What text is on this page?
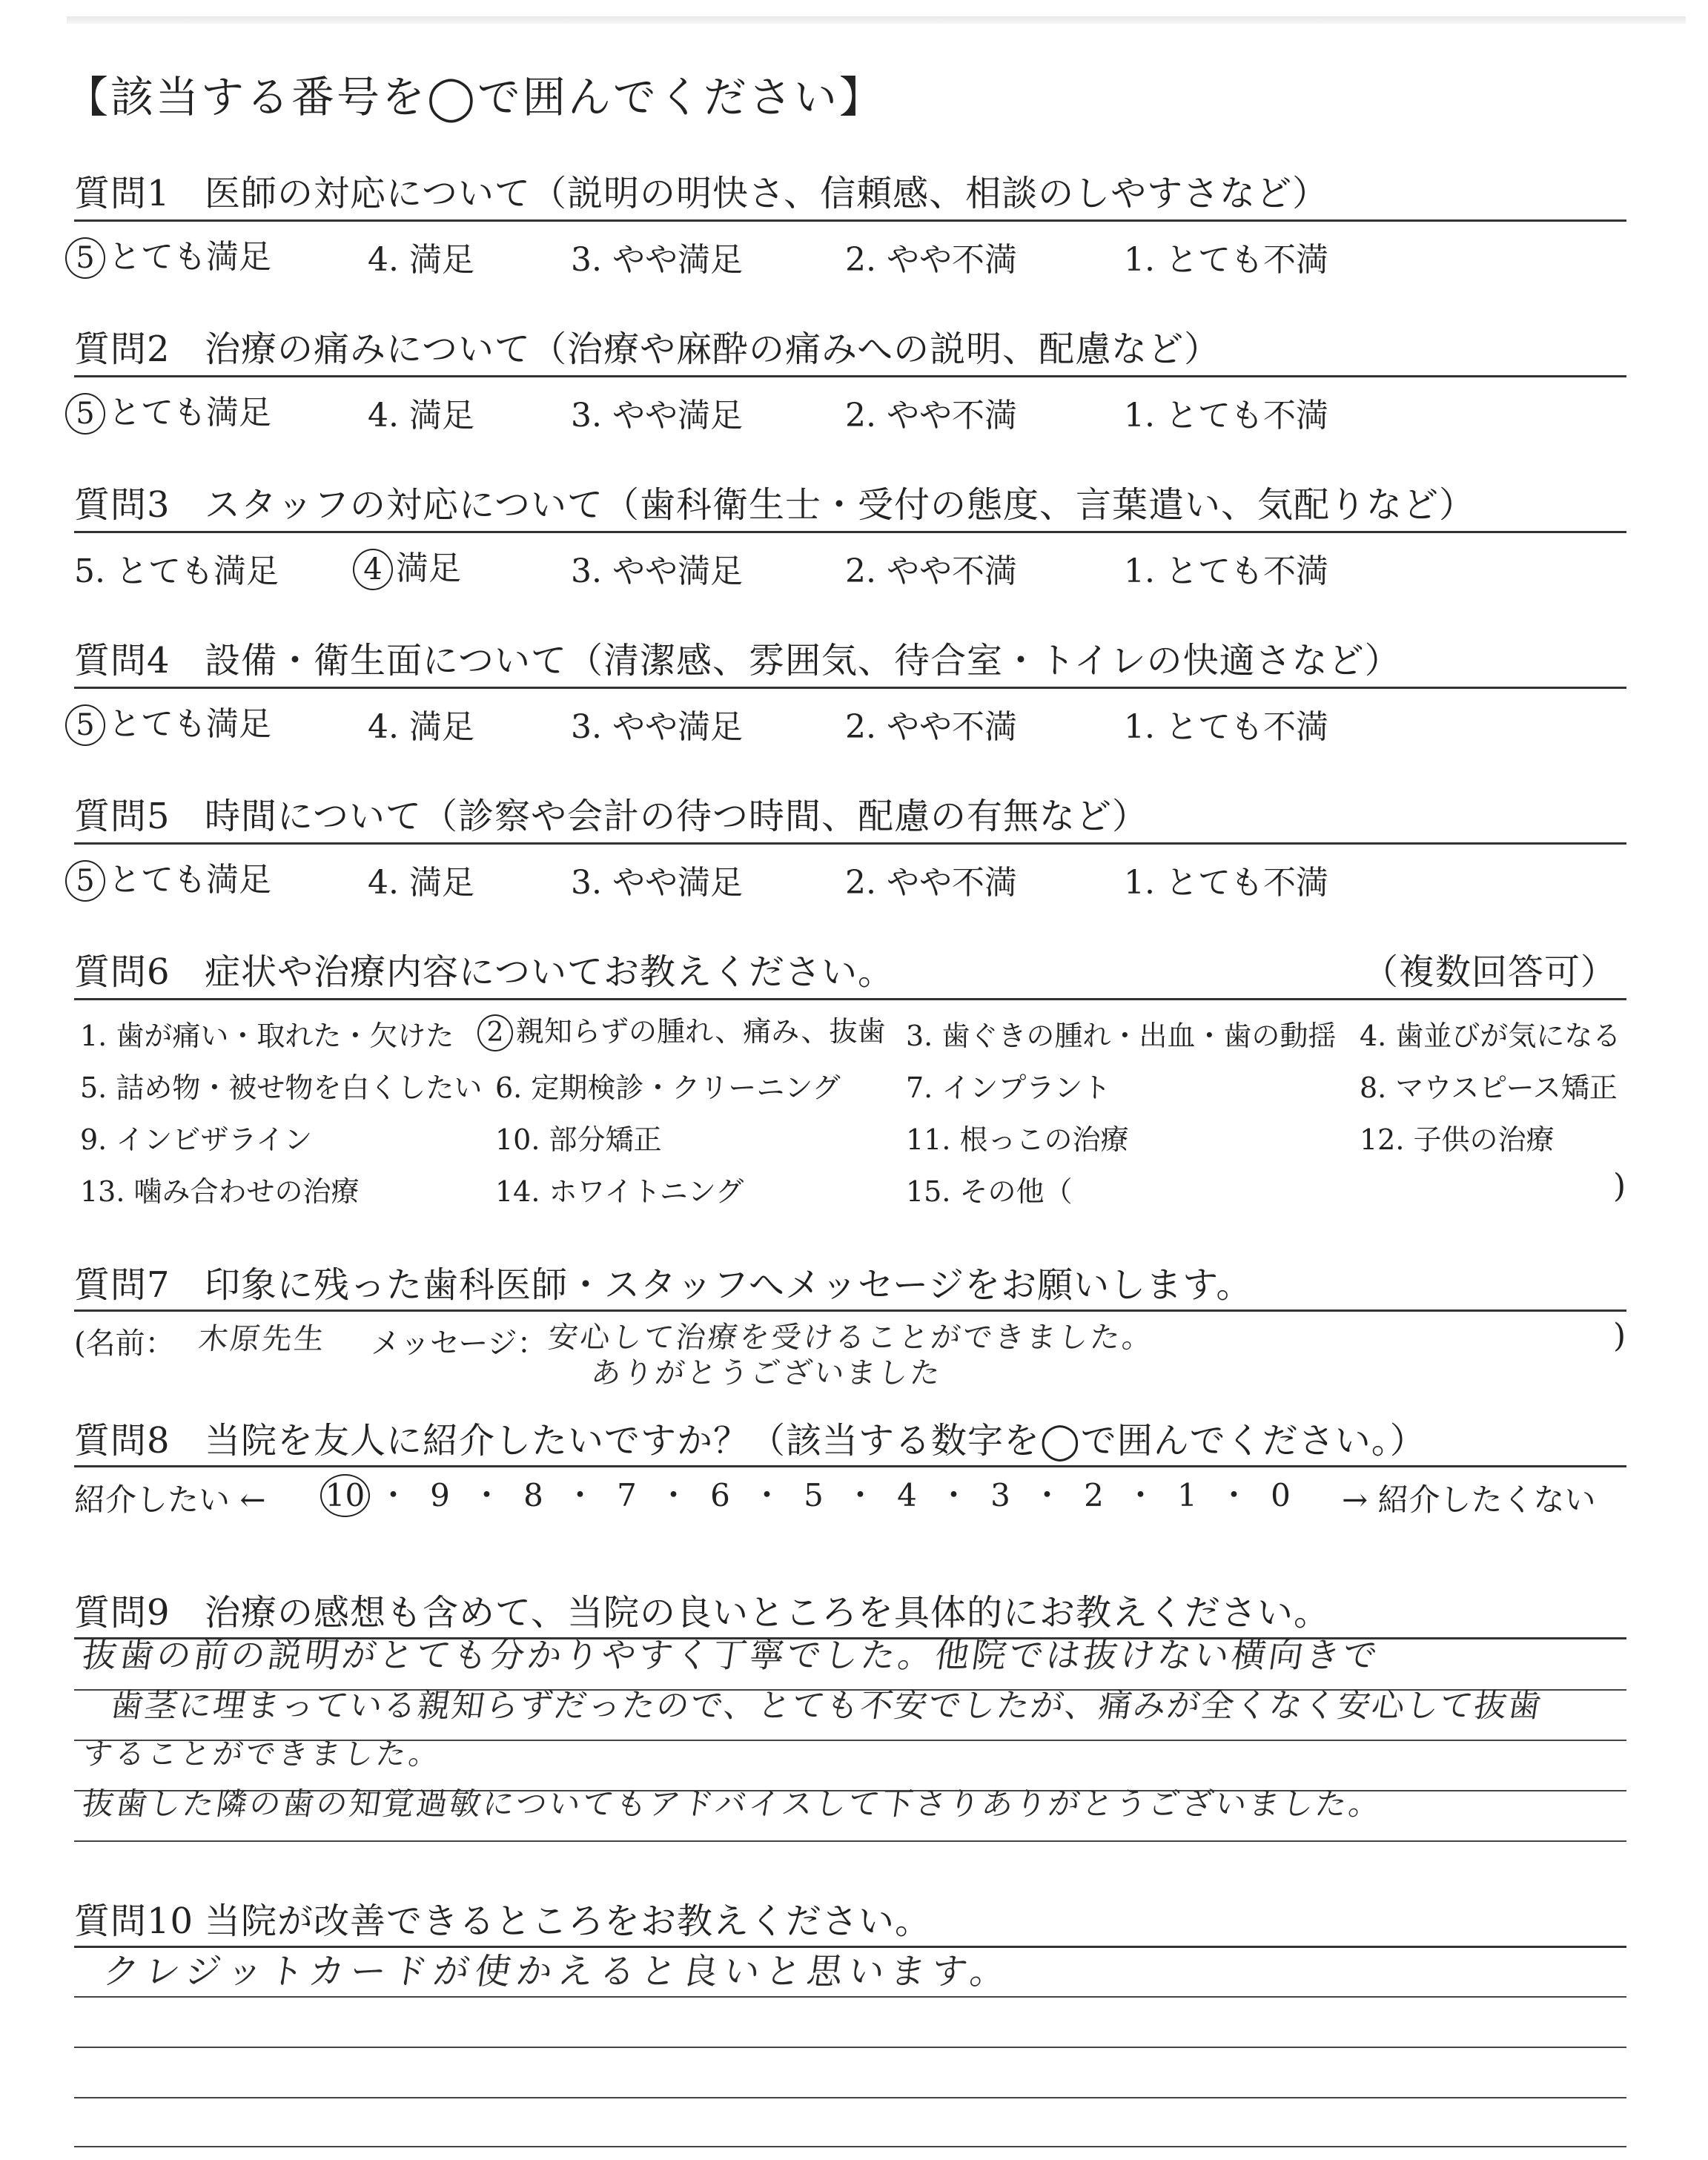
【該当する番号を◯で囲んでください】
質問1 医師の対応について（説明の明快さ、信頼感、相談のしやすさなど）
5 とても満足	4. 満足	3. やや満足	2. やや不満	1. とても不満
質問2 治療の痛みについて（治療や麻酔の痛みへの説明、配慮など）
5 とても満足	4. 満足	3. やや満足	2. やや不満	1. とても不満
質問3 スタッフの対応について（歯科衛生士・受付の態度、言葉遣い、気配りなど）
5. とても満足	4 満足	3. やや満足	2. やや不満	1. とても不満
質問4 設備・衛生面について（清潔感、雰囲気、待合室・トイレの快適さなど）
5 とても満足	4. 満足	3. やや満足	2. やや不満	1. とても不満
質問5 時間について（診察や会計の待つ時間、配慮の有無など）
5 とても満足	4. 満足	3. やや満足	2. やや不満	1. とても不満
質問6 症状や治療内容についてお教えください。	（複数回答可）
1. 歯が痛い・取れた・欠けた 2 親知らずの腫れ、痛み、抜歯 3. 歯ぐきの腫れ・出血・歯の動揺 4. 歯並びが気になる
5. 詰め物・被せ物を白くしたい 6. 定期検診・クリーニング 7. インプラント	8. マウスピース矯正
9. インビザライン	10. 部分矯正	11. 根っこの治療	12. 子供の治療
13. 噛み合わせの治療	14. ホワイトニング	15. その他（	)
質問7 印象に残った歯科医師・スタッフへメッセージをお願いします。
(名前： 木原先生 メッセージ： 安心して治療を受けることができました。
ありがとうございました
)
質問8 当院を友人に紹介したいですか？（該当する数字を◯で囲んでください。）
紹介したい ← 10 ・ 9 ・ 8 ・ 7 ・ 6 ・ 5 ・ 4 ・ 3 ・ 2 ・ 1 ・ 0	→ 紹介したくない
質問9 治療の感想も含めて、当院の良いところを具体的にお教えください。
抜歯の前の説明がとても分かりやすく丁寧でした。他院では抜けない横向きで
歯茎に埋まっている親知らずだったので、とても不安でしたが、痛みが全くなく安心して抜歯
することができました。
抜歯した隣の歯の知覚過敏についてもアドバイスして下さりありがとうございました。
質問10 当院が改善できるところをお教えください。
クレジットカードが使かえると良いと思います。
